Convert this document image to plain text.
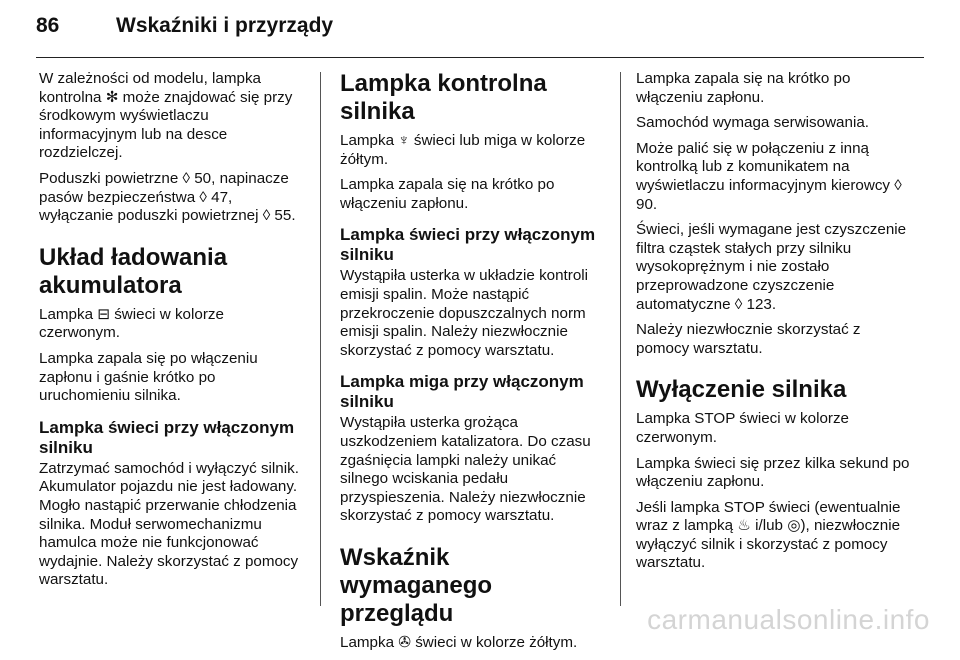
86	Wskaźniki i przyrządy

W zależności od modelu, lampka kontrolna ✻ może znajdować się przy środkowym wyświetlaczu informacyjnym lub na desce rozdzielczej.

Poduszki powietrzne ◊ 50, napinacze pasów bezpieczeństwa ◊ 47, wyłączanie poduszki powietrznej ◊ 55.

Układ ładowania akumulatora

Lampka ⊟ świeci w kolorze czerwonym.

Lampka zapala się po włączeniu zapłonu i gaśnie krótko po uruchomieniu silnika.

Lampka świeci przy włączonym silniku

Zatrzymać samochód i wyłączyć silnik. Akumulator pojazdu nie jest ładowany. Mogło nastąpić przerwanie chłodzenia silnika. Moduł serwomechanizmu hamulca może nie funkcjonować wydajnie. Należy skorzystać z pomocy warsztatu.

Lampka kontrolna silnika

Lampka ♆ świeci lub miga w kolorze żółtym.

Lampka zapala się na krótko po włączeniu zapłonu.

Lampka świeci przy włączonym silniku

Wystąpiła usterka w układzie kontroli emisji spalin. Może nastąpić przekroczenie dopuszczalnych norm emisji spalin. Należy niezwłocznie skorzystać z pomocy warsztatu.

Lampka miga przy włączonym silniku

Wystąpiła usterka grożąca uszkodzeniem katalizatora. Do czasu zgaśnięcia lampki należy unikać silnego wciskania pedału przyspieszenia. Należy niezwłocznie skorzystać z pomocy warsztatu.

Wskaźnik wymaganego przeglądu

Lampka ✇ świeci w kolorze żółtym.

Lampka zapala się na krótko po włączeniu zapłonu.

Samochód wymaga serwisowania.

Może palić się w połączeniu z inną kontrolką lub z komunikatem na wyświetlaczu informacyjnym kierowcy ◊ 90.

Świeci, jeśli wymagane jest czyszczenie filtra cząstek stałych przy silniku wysokoprężnym i nie zostało przeprowadzone czyszczenie automatyczne ◊ 123.

Należy niezwłocznie skorzystać z pomocy warsztatu.

Wyłączenie silnika

Lampka STOP świeci w kolorze czerwonym.

Lampka świeci się przez kilka sekund po włączeniu zapłonu.

Jeśli lampka STOP świeci (ewentualnie wraz z lampką ♨ i/lub ◎), niezwłocznie wyłączyć silnik i skorzystać z pomocy warsztatu.

carmanualsonline.info
